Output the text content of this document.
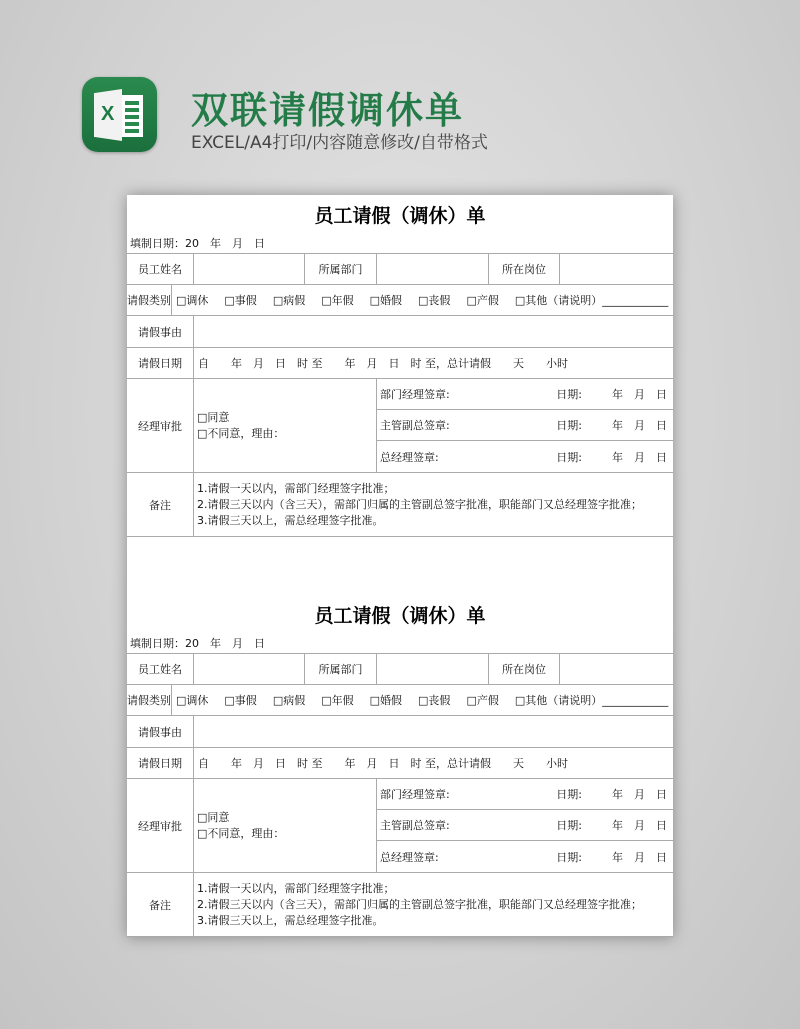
X 双联请假调休单
EXCEL/A4打印/内容随意修改/自带格式
员工请假（调休）单
填制日期：20　年　月　日
员工姓名	所属部门	所在岗位
请假类别 □调休 □事假 □病假 □年假 □婚假 □丧假 □产假 □其他（请说明）____________
请假事由
请假日期	自　　年　月　日　时 至　　年　月　日　时 至，总计请假　　天　　小时
经理审批
□同意
□不同意，理由：
部门经理签章:	日期:	年　月　日
主管副总签章:	日期:	年　月　日
总经理签章:	日期:	年　月　日
备注
1.请假一天以内，需部门经理签字批准；
2.请假三天以内（含三天），需部门归属的主管副总签字批准，职能部门又总经理签字批准；
3.请假三天以上，需总经理签字批准。
员工请假（调休）单
填制日期：20　年　月　日
员工姓名	所属部门	所在岗位
请假类别 □调休 □事假 □病假 □年假 □婚假 □丧假 □产假 □其他（请说明）____________
请假事由
请假日期	自　　年　月　日　时 至　　年　月　日　时 至，总计请假　　天　　小时
经理审批
□同意
□不同意，理由：
部门经理签章:	日期:	年　月　日
主管副总签章:	日期:	年　月　日
总经理签章:	日期:	年　月　日
备注
1.请假一天以内，需部门经理签字批准；
2.请假三天以内（含三天），需部门归属的主管副总签字批准，职能部门又总经理签字批准；
3.请假三天以上，需总经理签字批准。
